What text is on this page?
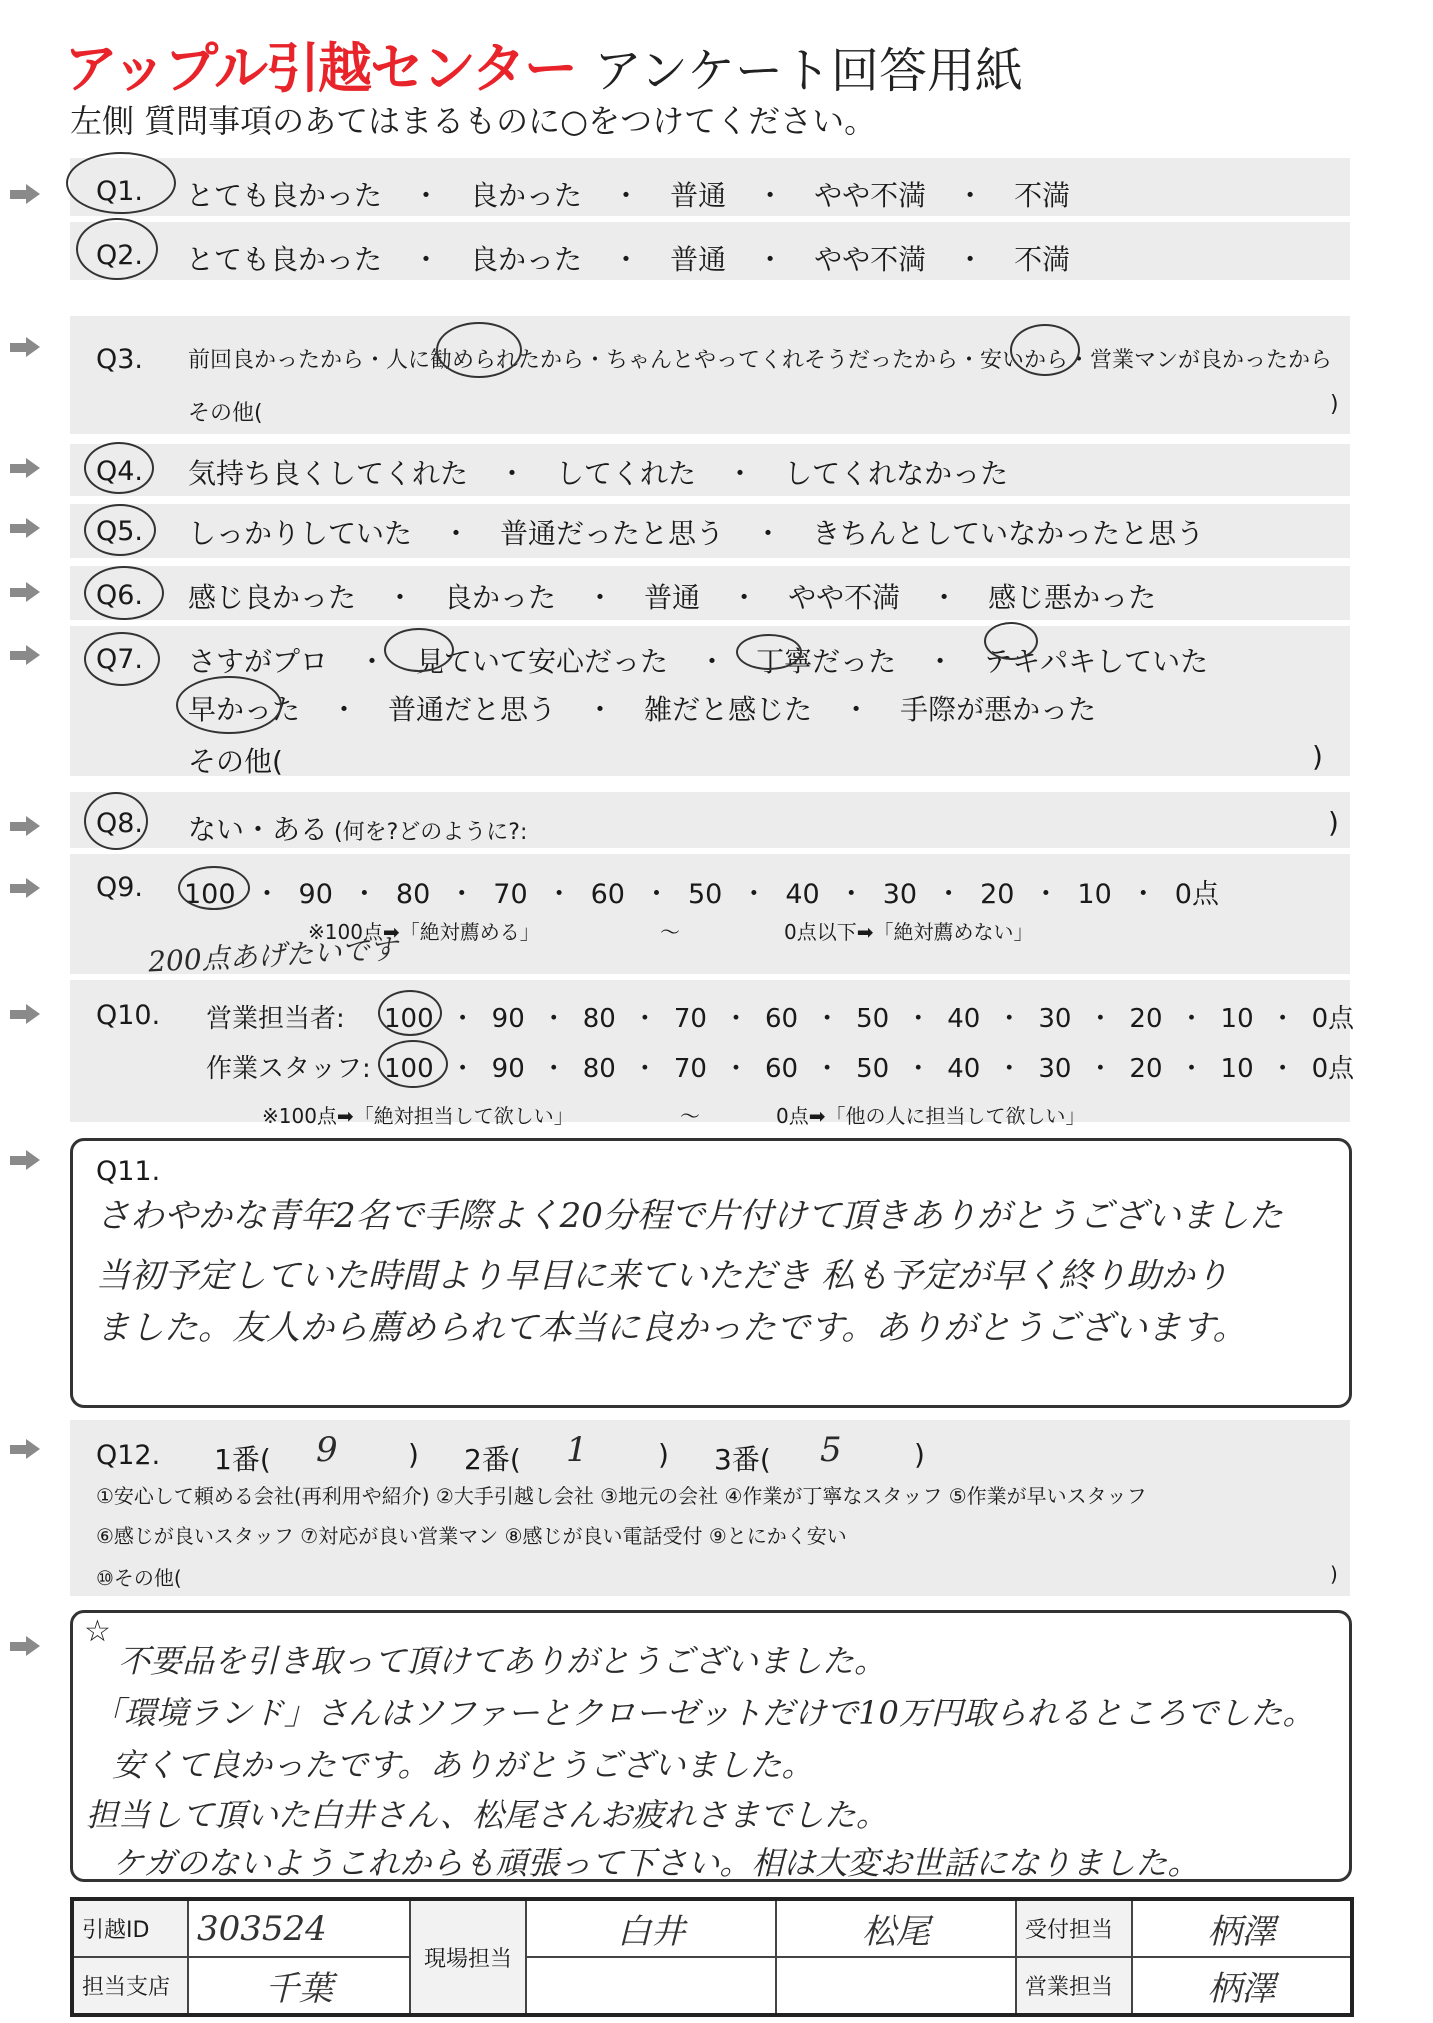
アップル引越センター アンケート回答用紙
左側 質問事項のあてはまるものに○をつけてください。
Q1. とても良かった ・ 良かった ・ 普通 ・ やや不満 ・ 不満
Q2. とても良かった ・ 良かった ・ 普通 ・ やや不満 ・ 不満
Q3. 前回良かったから・人に勧められたから・ちゃんとやってくれそうだったから・安いから・営業マンが良かったから
その他(	)
Q4. 気持ち良くしてくれた ・ してくれた ・ してくれなかった
Q5. しっかりしていた ・ 普通だったと思う ・ きちんとしていなかったと思う
Q6. 感じ良かった ・ 良かった ・ 普通 ・ やや不満 ・ 感じ悪かった
Q7. さすがプロ ・ 見ていて安心だった ・ 丁寧だった ・ テキパキしていた
早かった ・ 普通だと思う ・ 雑だと感じた ・ 手際が悪かった
その他(	)
Q8. ない・ある (何を?どのように?:	)
Q9. 100 ・ 90 ・ 80 ・ 70 ・ 60 ・ 50 ・ 40 ・ 30 ・ 20 ・ 10 ・ 0点
※100点➡「絶対薦める」	～	0点以下➡「絶対薦めない」
200点あげたいです
Q10. 営業担当者: 100 ・ 90 ・ 80 ・ 70 ・ 60 ・ 50 ・ 40 ・ 30 ・ 20 ・ 10 ・ 0点
作業スタッフ: 100 ・ 90 ・ 80 ・ 70 ・ 60 ・ 50 ・ 40 ・ 30 ・ 20 ・ 10 ・ 0点
※100点➡「絶対担当して欲しい」	～	0点➡「他の人に担当して欲しい」
Q11.
さわやかな青年2名で手際よく20分程で片付けて頂きありがとうございました
当初予定していた時間より早目に来ていただき 私も予定が早く終り助かり
ました。友人から薦められて本当に良かったです。ありがとうございます。
Q12. 1番( 9	) 2番( 1	) 3番( 5	)
①安心して頼める会社(再利用や紹介) ②大手引越し会社 ③地元の会社 ④作業が丁寧なスタッフ ⑤作業が早いスタッフ
⑥感じが良いスタッフ ⑦対応が良い営業マン ⑧感じが良い電話受付 ⑨とにかく安い
⑩その他(	)
☆
不要品を引き取って頂けてありがとうございました。
「環境ランド」さんはソファーとクローゼットだけで10万円取られるところでした。
安くて良かったです。ありがとうございました。
担当して頂いた白井さん、松尾さんお疲れさまでした。
ケガのないようこれからも頑張って下さい。相は大変お世話になりました。
引越ID	303524	現場担当	白井	松尾	受付担当	柄澤
担当支店	千葉				営業担当	柄澤
